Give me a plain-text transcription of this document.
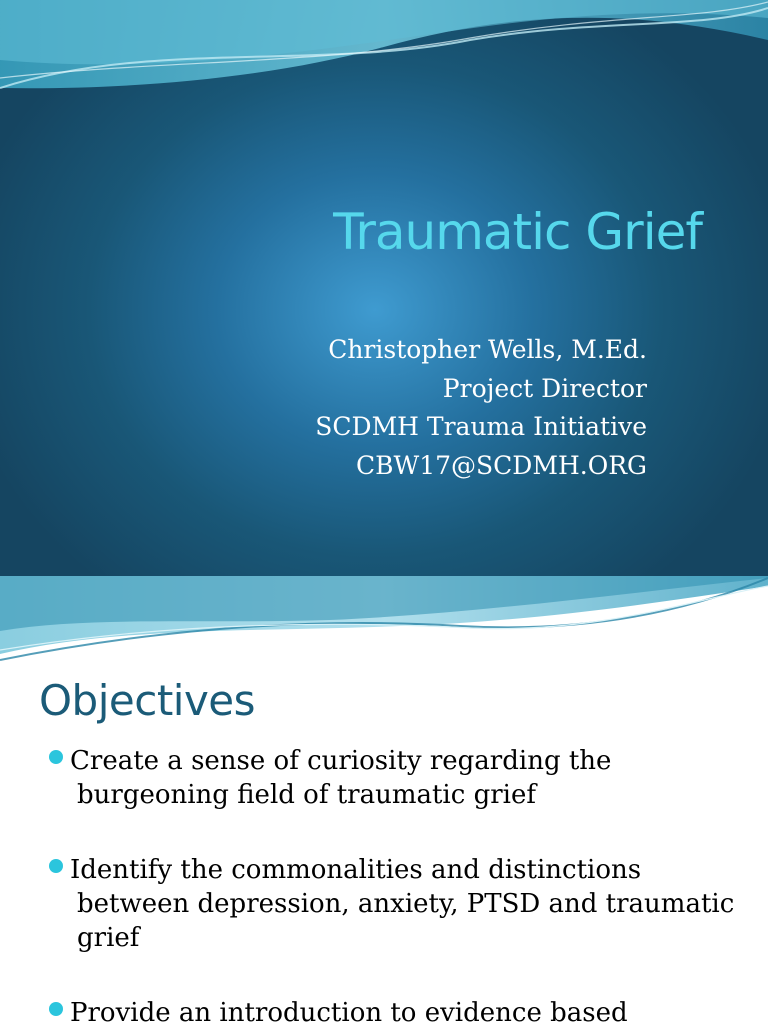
Traumatic Grief
Christopher Wells, M.Ed.
Project Director
SCDMH Trauma Initiative
CBW17@SCDMH.ORG
Objectives
Create a sense of curiosity regarding the burgeoning field of traumatic grief
Identify the commonalities and distinctions between depression, anxiety, PTSD and traumatic grief
Provide an introduction to evidence based
